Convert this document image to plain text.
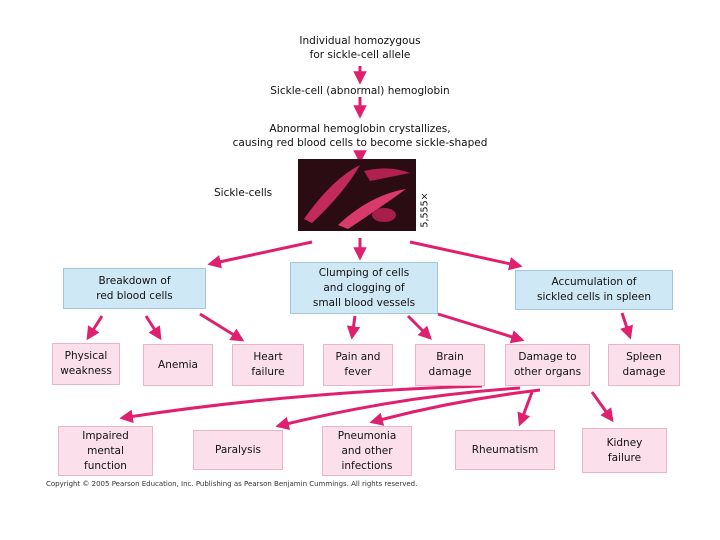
Individual homozygous
for sickle-cell allele
Sickle-cell (abnormal) hemoglobin
Abnormal hemoglobin crystallizes,
causing red blood cells to become sickle-shaped
Sickle-cells	5,555×
Breakdown of
red blood cells
Clumping of cells
and clogging of
small blood vessels
Accumulation of
sickled cells in spleen
Physical
weakness
Anemia
Heart
failure
Pain and
fever
Brain
damage
Damage to
other organs
Spleen
damage
Impaired
mental
function
Paralysis
Pneumonia
and other
infections
Rheumatism
Kidney
failure
Copyright © 2005 Pearson Education, Inc. Publishing as Pearson Benjamin Cummings. All rights reserved.
